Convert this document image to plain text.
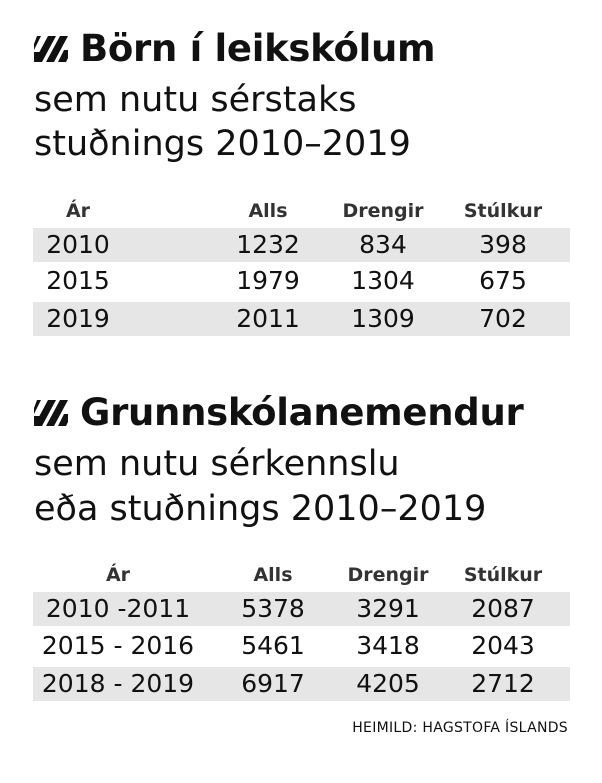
Börn í leikskólum
sem nutu sérstaks
stuðnings 2010–2019
Ár	Alls	Drengir	Stúlkur
2010	1232	834	398
2015	1979	1304	675
2019	2011	1309	702
Grunnskólanemendur
sem nutu sérkennslu
eða stuðnings 2010–2019
Ár	Alls	Drengir	Stúlkur
2010 -2011	5378	3291	2087
2015 - 2016	5461	3418	2043
2018 - 2019	6917	4205	2712
HEIMILD: HAGSTOFA ÍSLANDS
